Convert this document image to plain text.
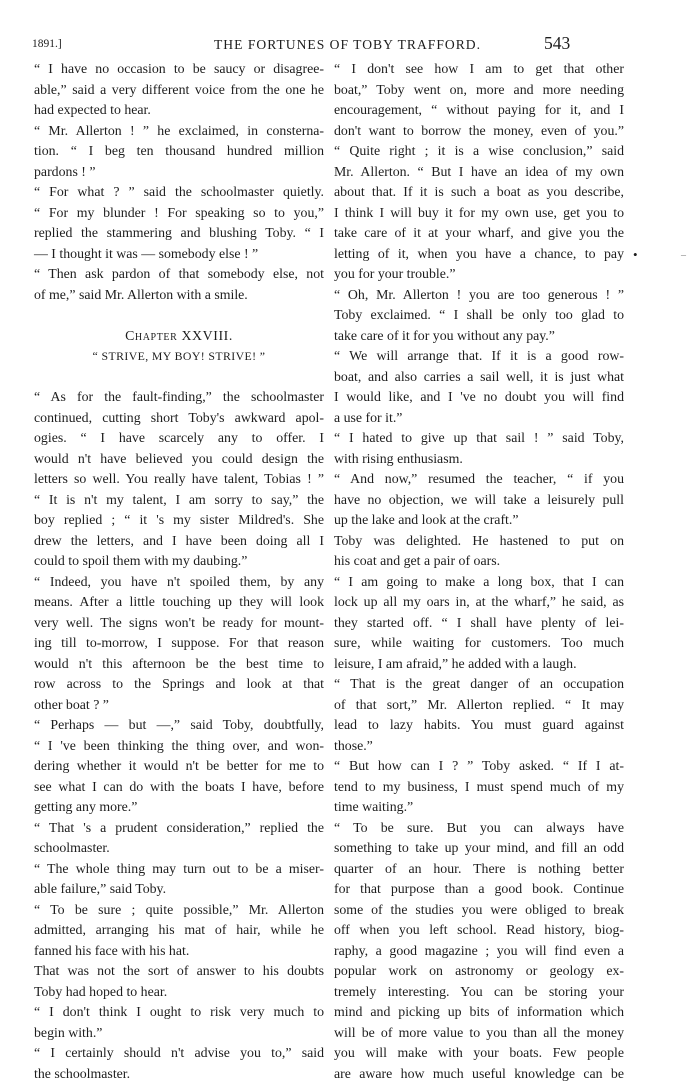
1891.]	THE FORTUNES OF TOBY TRAFFORD.	543
“ I have no occasion to be saucy or disagree-
able,” said a very different voice from the one he
had expected to hear.
“ Mr. Allerton ! ” he exclaimed, in consterna-
tion. “ I beg ten thousand hundred million
pardons ! ”
“ For what ? ” said the schoolmaster quietly.
“ For my blunder ! For speaking so to you,”
replied the stammering and blushing Toby. “ I
— I thought it was — somebody else ! ”
“ Then ask pardon of that somebody else, not
of me,” said Mr. Allerton with a smile.
Chapter XXVIII.
“ STRIVE, MY BOY! STRIVE! ”
“ As for the fault-finding,” the schoolmaster
continued, cutting short Toby's awkward apol-
ogies. “ I have scarcely any to offer. I
would n't have believed you could design the
letters so well. You really have talent, Tobias ! ”
“ It is n't my talent, I am sorry to say,” the
boy replied ; “ it 's my sister Mildred's. She
drew the letters, and I have been doing all I
could to spoil them with my daubing.”
“ Indeed, you have n't spoiled them, by any
means. After a little touching up they will look
very well. The signs won't be ready for mount-
ing till to-morrow, I suppose. For that reason
would n't this afternoon be the best time to
row across to the Springs and look at that
other boat ? ”
“ Perhaps — but —,” said Toby, doubtfully,
“ I 've been thinking the thing over, and won-
dering whether it would n't be better for me to
see what I can do with the boats I have, before
getting any more.”
“ That 's a prudent consideration,” replied the
schoolmaster.
“ The whole thing may turn out to be a miser-
able failure,” said Toby.
“ To be sure ; quite possible,” Mr. Allerton
admitted, arranging his mat of hair, while he
fanned his face with his hat.
That was not the sort of answer to his doubts
Toby had hoped to hear.
“ I don't think I ought to risk very much to
begin with.”
“ I certainly should n't advise you to,” said
the schoolmaster.
“ I don't see how I am to get that other
boat,” Toby went on, more and more needing
encouragement, “ without paying for it, and I
don't want to borrow the money, even of you.”
“ Quite right ; it is a wise conclusion,” said
Mr. Allerton. “ But I have an idea of my own
about that. If it is such a boat as you describe,
I think I will buy it for my own use, get you to
take care of it at your wharf, and give you the
letting of it, when you have a chance, to pay
you for your trouble.”
“ Oh, Mr. Allerton ! you are too generous ! ”
Toby exclaimed. “ I shall be only too glad to
take care of it for you without any pay.”
“ We will arrange that. If it is a good row-
boat, and also carries a sail well, it is just what
I would like, and I 've no doubt you will find
a use for it.”
“ I hated to give up that sail ! ” said Toby,
with rising enthusiasm.
“ And now,” resumed the teacher, “ if you
have no objection, we will take a leisurely pull
up the lake and look at the craft.”
Toby was delighted. He hastened to put on
his coat and get a pair of oars.
“ I am going to make a long box, that I can
lock up all my oars in, at the wharf,” he said, as
they started off. “ I shall have plenty of lei-
sure, while waiting for customers. Too much
leisure, I am afraid,” he added with a laugh.
“ That is the great danger of an occupation
of that sort,” Mr. Allerton replied. “ It may
lead to lazy habits. You must guard against
those.”
“ But how can I ? ” Toby asked. “ If I at-
tend to my business, I must spend much of my
time waiting.”
“ To be sure. But you can always have
something to take up your mind, and fill an odd
quarter of an hour. There is nothing better
for that purpose than a good book. Continue
some of the studies you were obliged to break
off when you left school. Read history, biog-
raphy, a good magazine ; you will find even a
popular work on astronomy or geology ex-
tremely interesting. You can be storing your
mind and picking up bits of information which
will be of more value to you than all the money
you will make with your boats. Few people
are aware how much useful knowledge can be
•	‒
